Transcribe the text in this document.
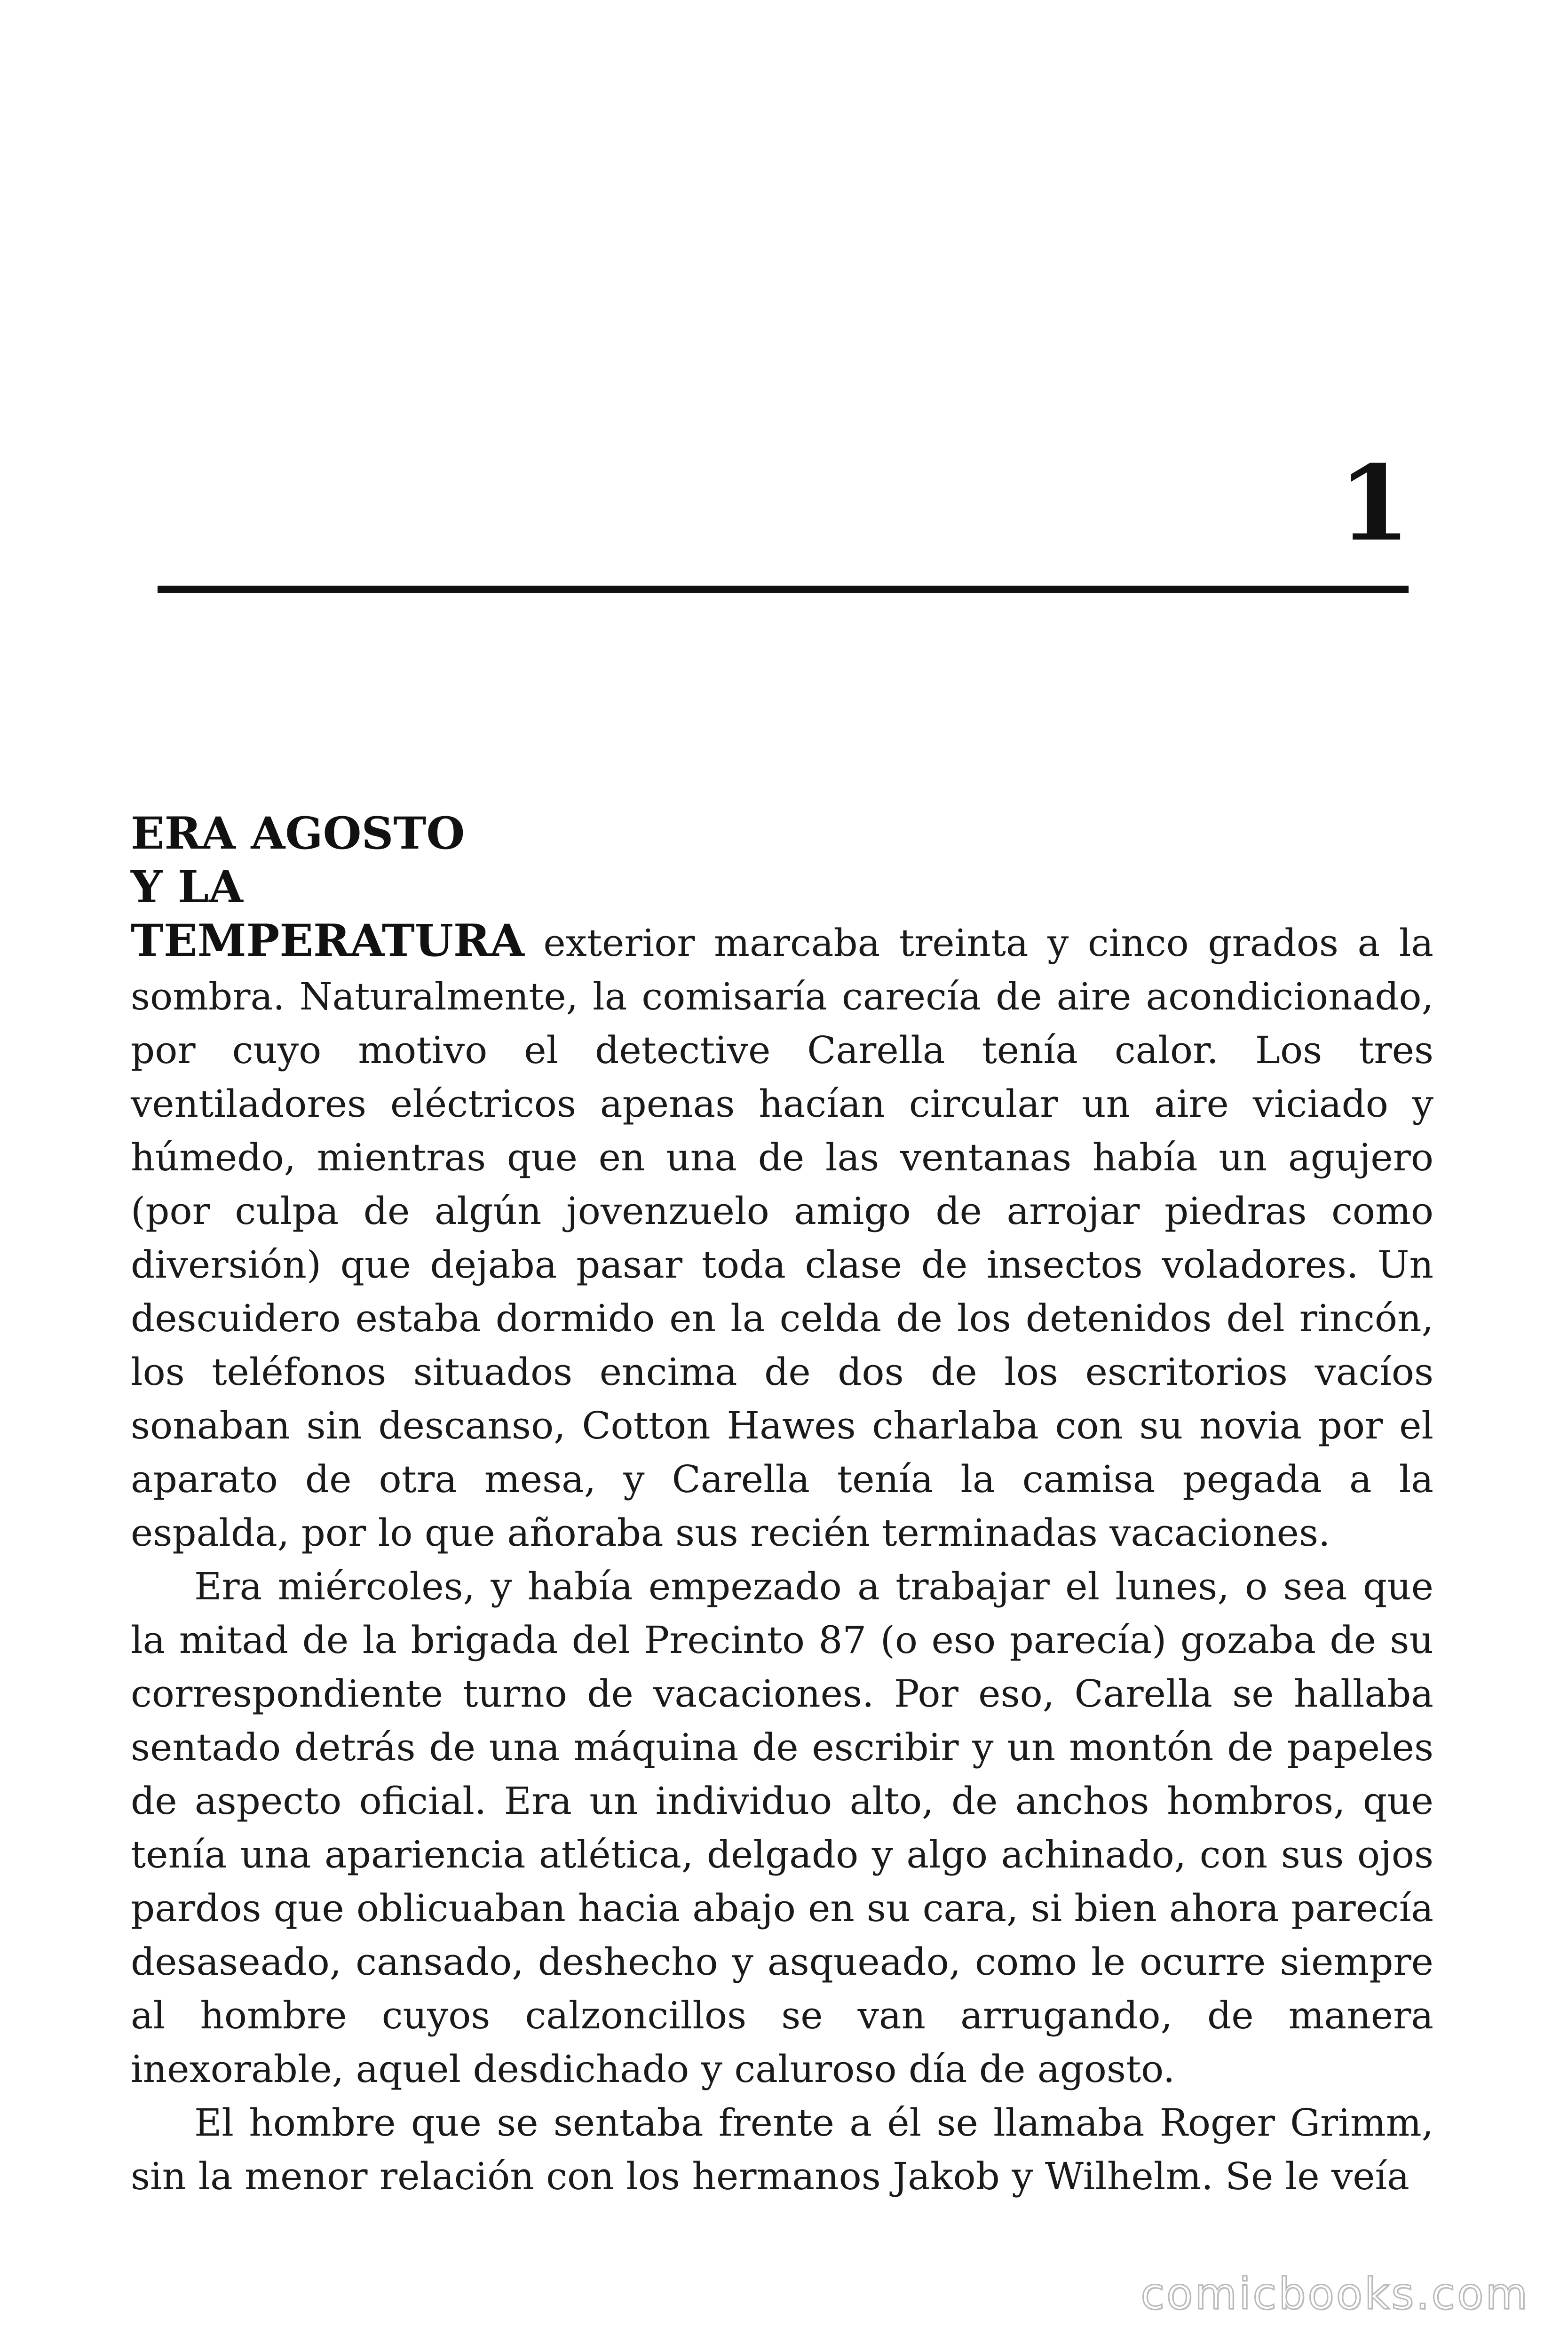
1

ERA AGOSTO
Y LA
TEMPERATURA exterior marcaba treinta y cinco grados a la sombra. Naturalmente, la comisaría carecía de aire acondicionado, por cuyo motivo el detective Carella tenía calor. Los tres ventiladores eléctricos apenas hacían circular un aire viciado y húmedo, mientras que en una de las ventanas había un agujero (por culpa de algún jovenzuelo amigo de arrojar piedras como diversión) que dejaba pasar toda clase de insectos voladores. Un descuidero estaba dormido en la celda de los detenidos del rincón, los teléfonos situados encima de dos de los escritorios vacíos sonaban sin descanso, Cotton Hawes charlaba con su novia por el aparato de otra mesa, y Carella tenía la camisa pegada a la espalda, por lo que añoraba sus recién terminadas vacaciones.

Era miércoles, y había empezado a trabajar el lunes, o sea que la mitad de la brigada del Precinto 87 (o eso parecía) gozaba de su correspondiente turno de vacaciones. Por eso, Carella se hallaba sentado detrás de una máquina de escribir y un montón de papeles de aspecto oficial. Era un individuo alto, de anchos hombros, que tenía una apariencia atlética, delgado y algo achinado, con sus ojos pardos que oblicuaban hacia abajo en su cara, si bien ahora parecía desaseado, cansado, deshecho y asqueado, como le ocurre siempre al hombre cuyos calzoncillos se van arrugando, de manera inexorable, aquel desdichado y caluroso día de agosto.

El hombre que se sentaba frente a él se llamaba Roger Grimm, sin la menor relación con los hermanos Jakob y Wilhelm. Se le veía

comicbooks.com
